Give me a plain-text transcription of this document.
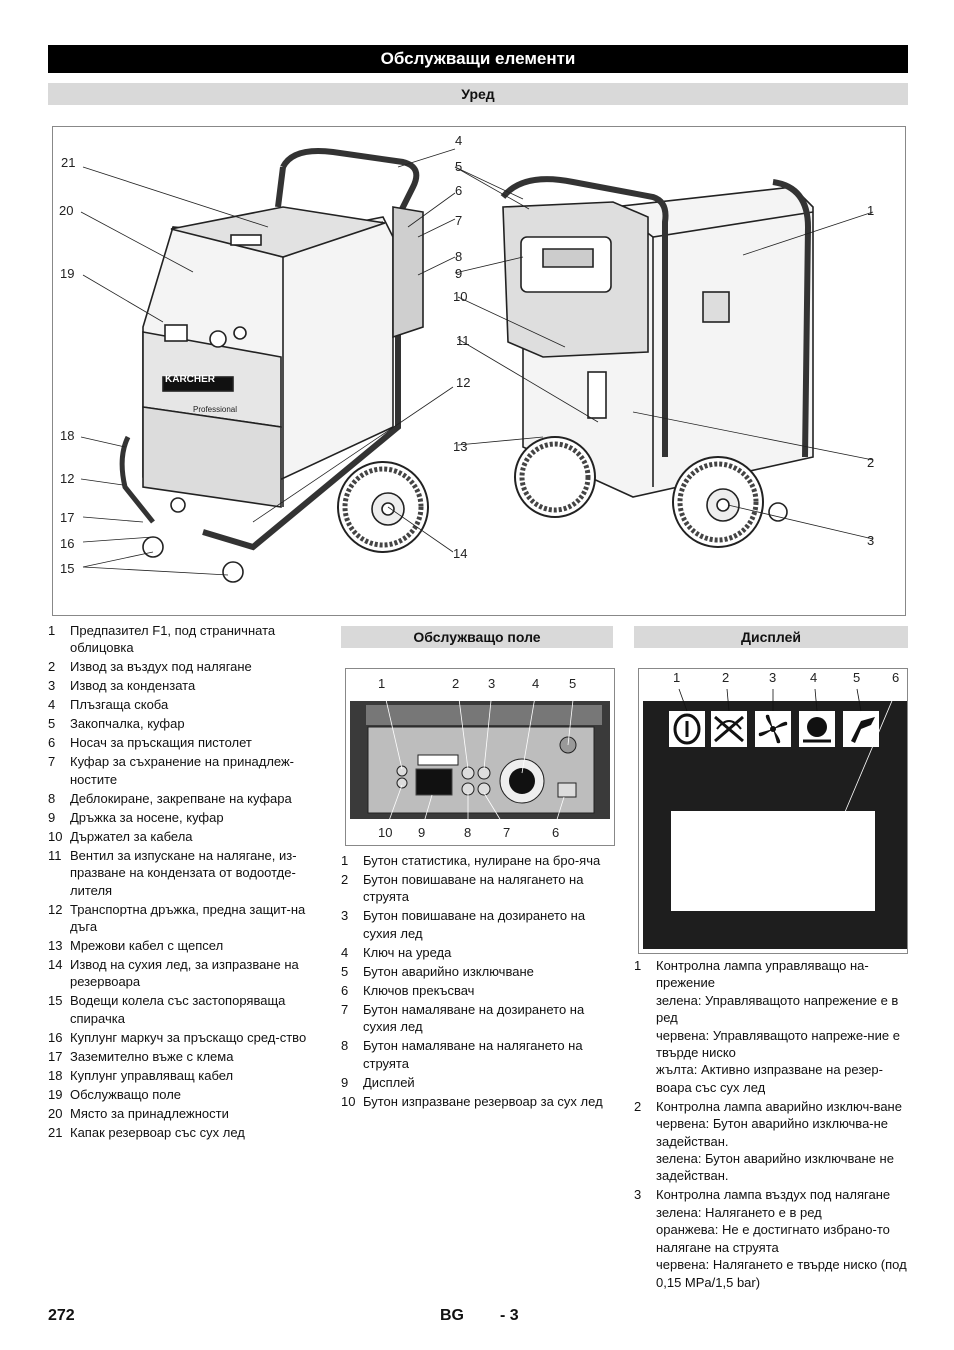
Обслужващи елементи
Уред
4
5
6
7
8
9
10
11
12
13
14
21
20
19
18
12
17
16
15
1
2
3
KARCHER
Professional
1	Предпазител F1, под страничната облицовка
2	Извод за въздух под налягане
3	Извод за кондензата
4	Плъзгаща скоба
5	Закопчалка, куфар
6	Носач за пръскащия пистолет
7	Куфар за съхранение на принадлеж-ностите
8	Деблокиране, закрепване на куфара
9	Дръжка за носене, куфар
10 Държател за кабела
11 Вентил за изпускане на налягане, из-празване на кондензата от водоотде-лителя
12 Транспортна дръжка, предна защит-на дъга
13 Мрежови кабел с щепсел
14 Извод на сухия лед, за изпразване на резервоара
15 Водещи колела със застопоряваща спирачка
16 Куплунг маркуч за пръскащо сред-ство
17 Заземително въже с клема
18 Куплунг управляващ кабел
19 Обслужващо поле
20 Място за принадлежности
21 Капак резервоар със сух лед
Обслужващо поле
1	2 3	4 5
10 9	8 7	6
1	Бутон статистика, нулиране на бро-яча
2	Бутон повишаване на налягането на струята
3	Бутон повишаване на дозирането на сухия лед
4	Ключ на уреда
5	Бутон аварийно изключване
6	Ключов прекъсвач
7	Бутон намаляване на дозирането на сухия лед
8	Бутон намаляване на налягането на струята
9	Дисплей
10 Бутон изпразване резервоар за сух лед
Дисплей
1	2	3	4	5 6
1	Контролна лампа управляващо на-прежение
зелена: Управляващото напрежение е в ред
червена: Управляващото напреже-ние е твърде ниско
жълта: Активно изпразване на резер-воара със сух лед
2	Контролна лампа аварийно изключ-ване
червена: Бутон аварийно изключва-не задействан.
зелена: Бутон аварийно изключване не задействан.
3	Контролна лампа въздух под налягане
зелена: Налягането е в ред
оранжева: Не е достигнато избрано-то налягане на струята
червена: Налягането е твърде ниско (под 0,15 MPa/1,5 bar)
272	BG - 3
